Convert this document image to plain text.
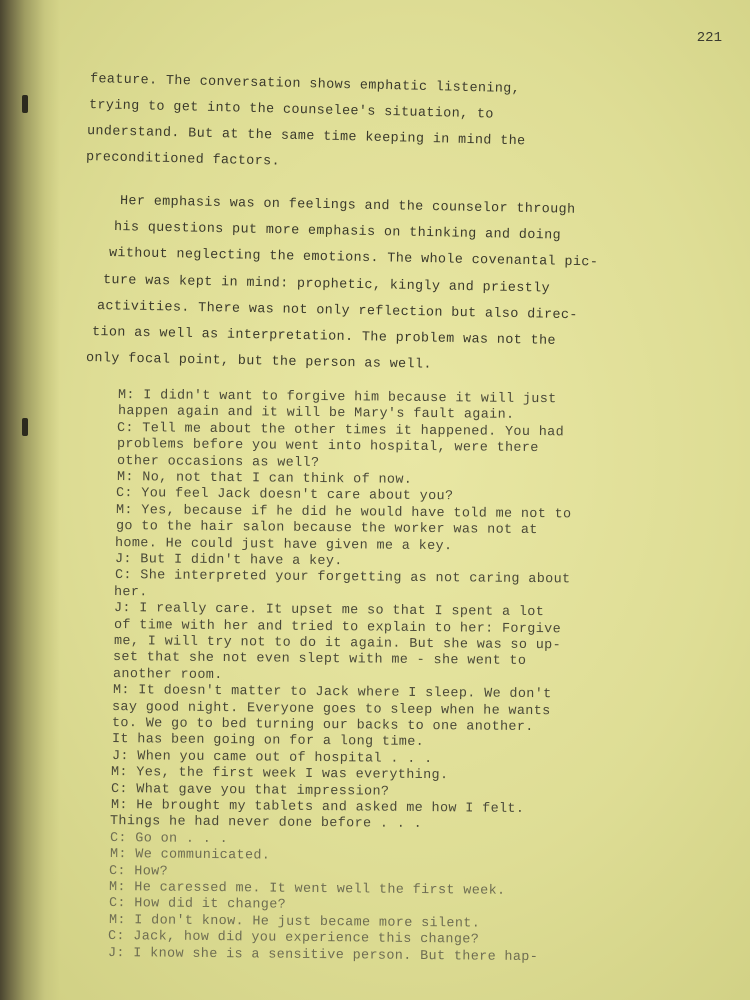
221
feature. The conversation shows emphatic listening,
trying to get into the counselee's situation, to
understand. But at the same time keeping in mind the
preconditioned factors.
Her emphasis was on feelings and the counselor through
his questions put more emphasis on thinking and doing
without neglecting the emotions. The whole covenantal pic-
ture was kept in mind: prophetic, kingly and priestly
activities. There was not only reflection but also direc-
tion as well as interpretation. The problem was not the
only focal point, but the person as well.
M: I didn't want to forgive him because it will just
happen again and it will be Mary's fault again.
C: Tell me about the other times it happened. You had
problems before you went into hospital, were there
other occasions as well?
M: No, not that I can think of now.
C: You feel Jack doesn't care about you?
M: Yes, because if he did he would have told me not to
go to the hair salon because the worker was not at
home. He could just have given me a key.
J: But I didn't have a key.
C: She interpreted your forgetting as not caring about
her.
J: I really care. It upset me so that I spent a lot
of time with her and tried to explain to her: Forgive
me, I will try not to do it again. But she was so up-
set that she not even slept with me - she went to
another room.
M: It doesn't matter to Jack where I sleep. We don't
say good night. Everyone goes to sleep when he wants
to. We go to bed turning our backs to one another.
It has been going on for a long time.
J: When you came out of hospital . . .
M: Yes, the first week I was everything.
C: What gave you that impression?
M: He brought my tablets and asked me how I felt.
Things he had never done before . . .
C: Go on . . .
M: We communicated.
C: How?
M: He caressed me. It went well the first week.
C: How did it change?
M: I don't know. He just became more silent.
C: Jack, how did you experience this change?
J: I know she is a sensitive person. But there hap-
